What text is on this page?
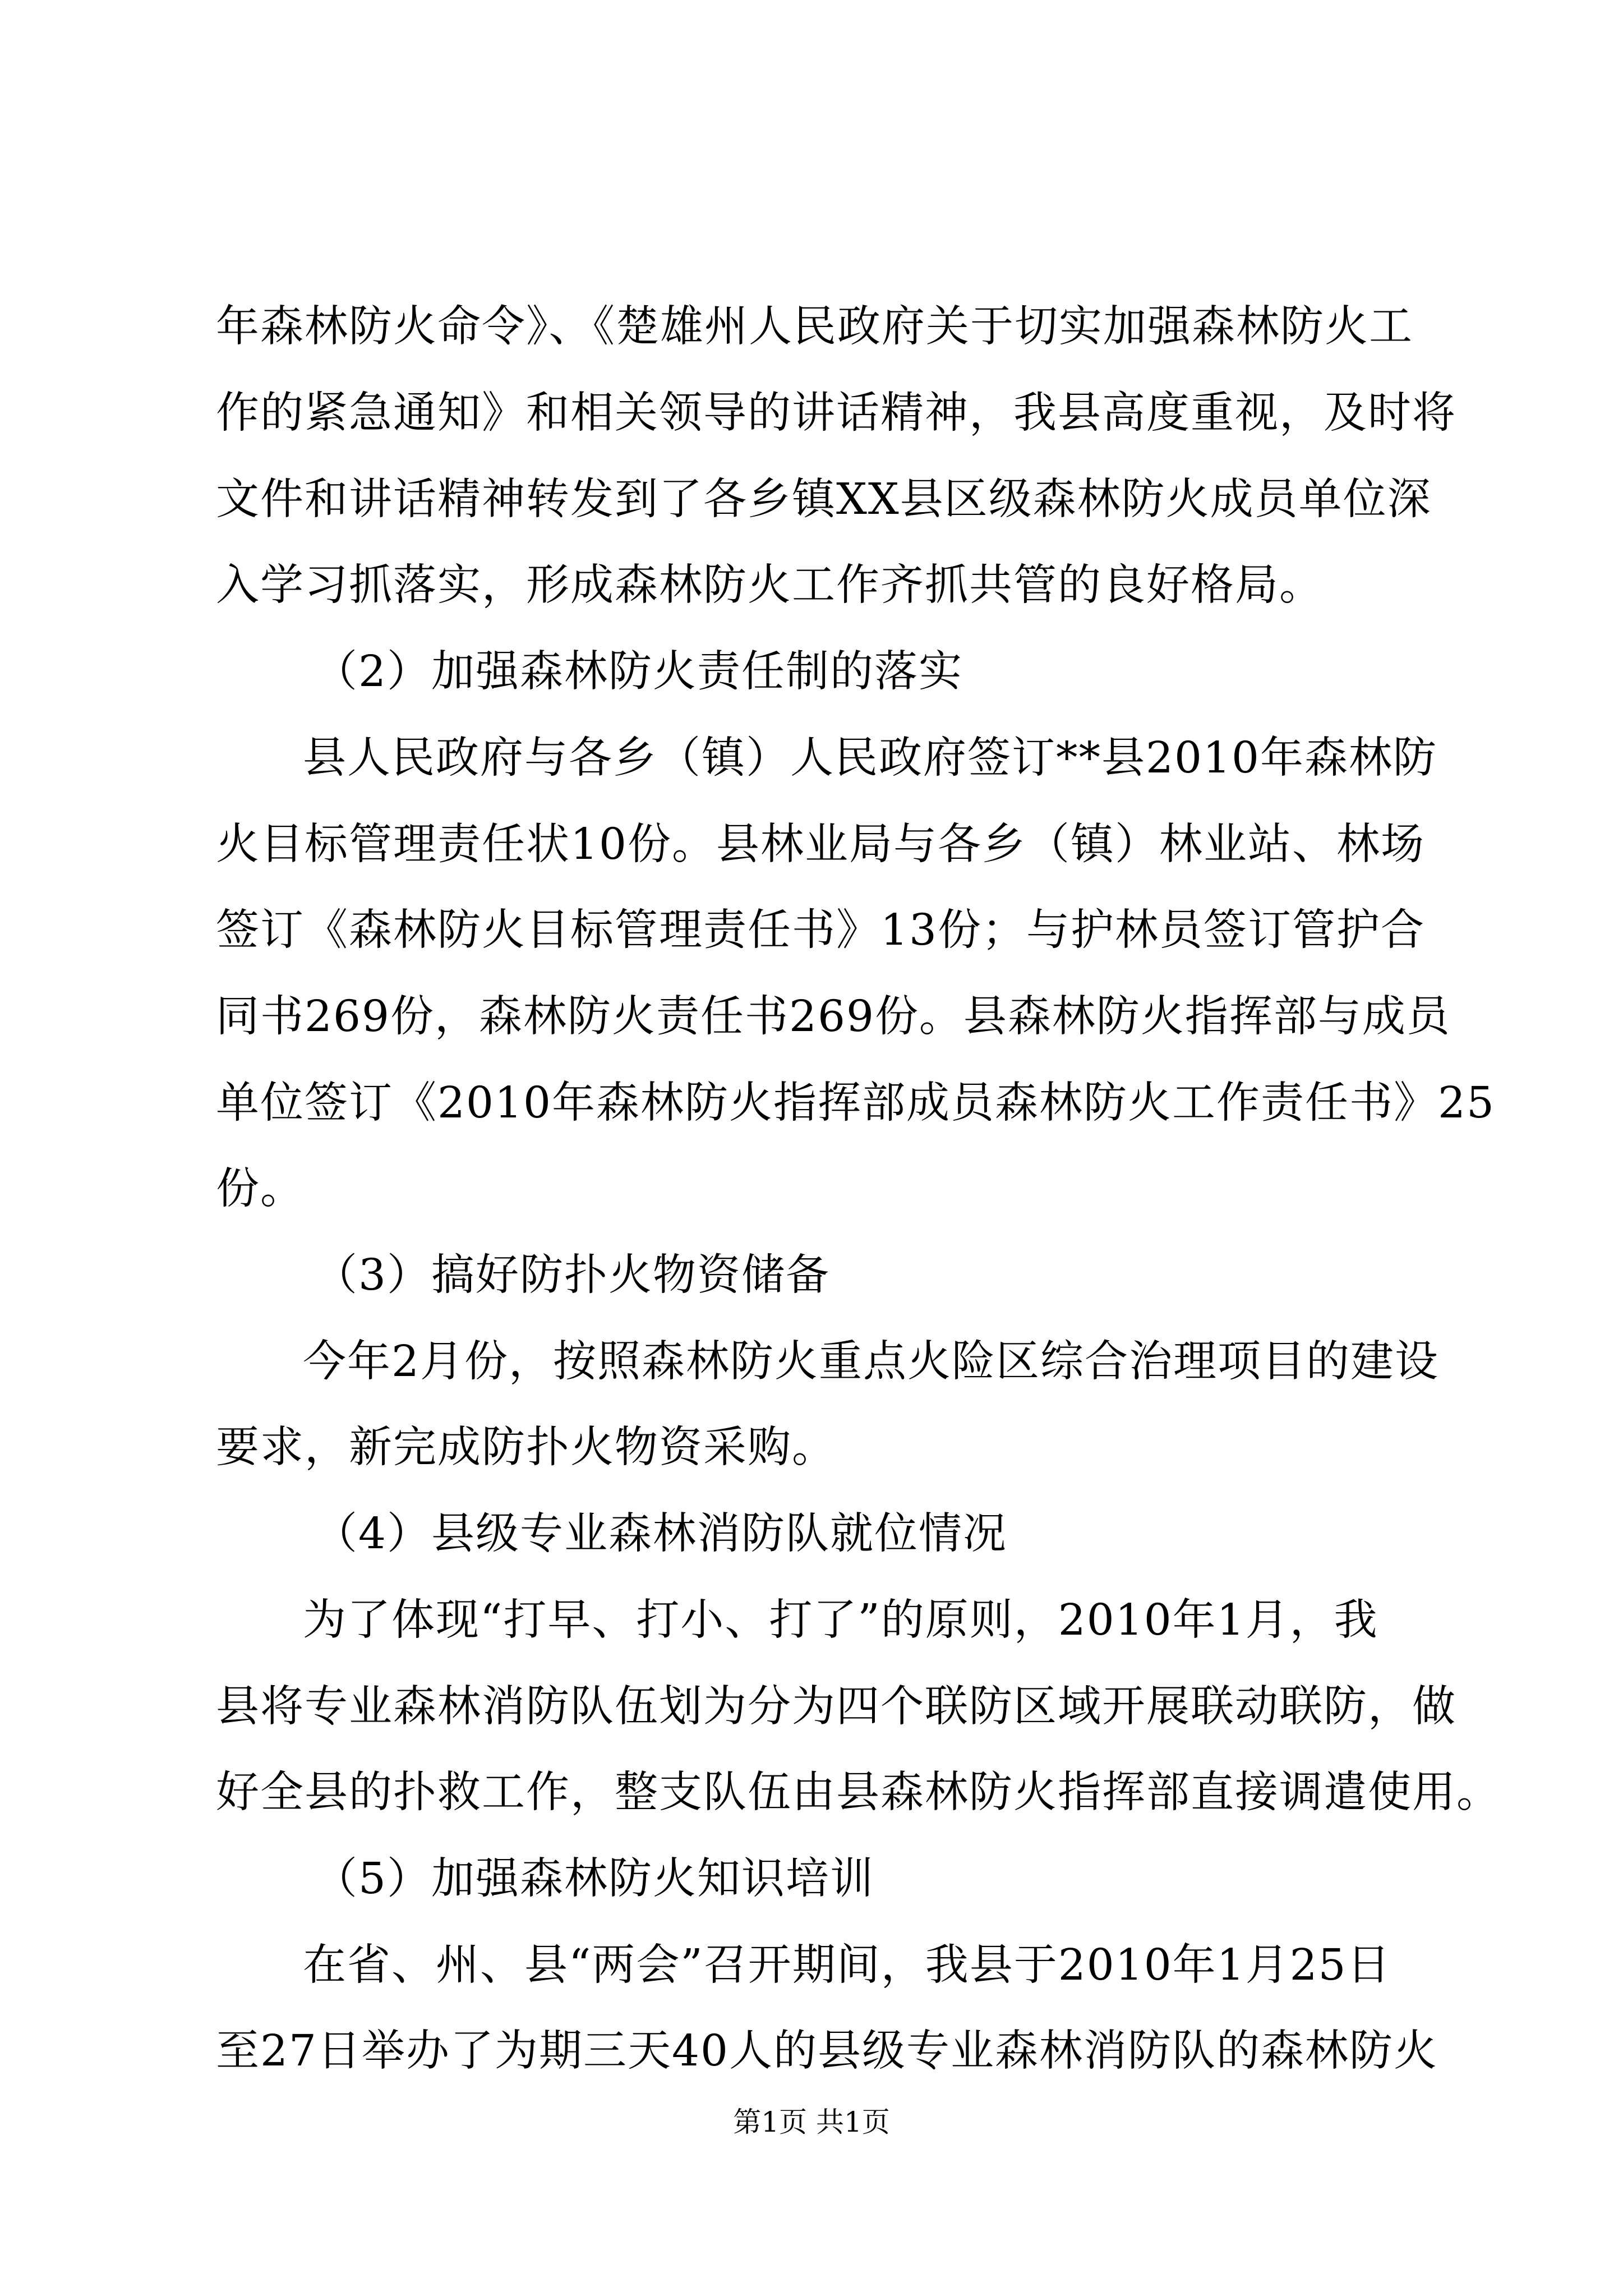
年森林防火命令》、《楚雄州人民政府关于切实加强森林防火工
作的紧急通知》和相关领导的讲话精神，我县高度重视，及时将
文件和讲话精神转发到了各乡镇XX县区级森林防火成员单位深
入学习抓落实，形成森林防火工作齐抓共管的良好格局。
（2）加强森林防火责任制的落实
县人民政府与各乡（镇）人民政府签订**县2010年森林防
火目标管理责任状10份。县林业局与各乡（镇）林业站、林场
签订《森林防火目标管理责任书》13份；与护林员签订管护合
同书269份，森林防火责任书269份。县森林防火指挥部与成员
单位签订《2010年森林防火指挥部成员森林防火工作责任书》25
份。
（3）搞好防扑火物资储备
今年2月份，按照森林防火重点火险区综合治理项目的建设
要求，新完成防扑火物资采购。
（4）县级专业森林消防队就位情况
为了体现“打早、打小、打了”的原则，2010年1月，我
县将专业森林消防队伍划为分为四个联防区域开展联动联防，做
好全县的扑救工作，整支队伍由县森林防火指挥部直接调遣使用。
（5）加强森林防火知识培训
在省、州、县“两会”召开期间，我县于2010年1月25日
至27日举办了为期三天40人的县级专业森林消防队的森林防火
第1页 共1页
